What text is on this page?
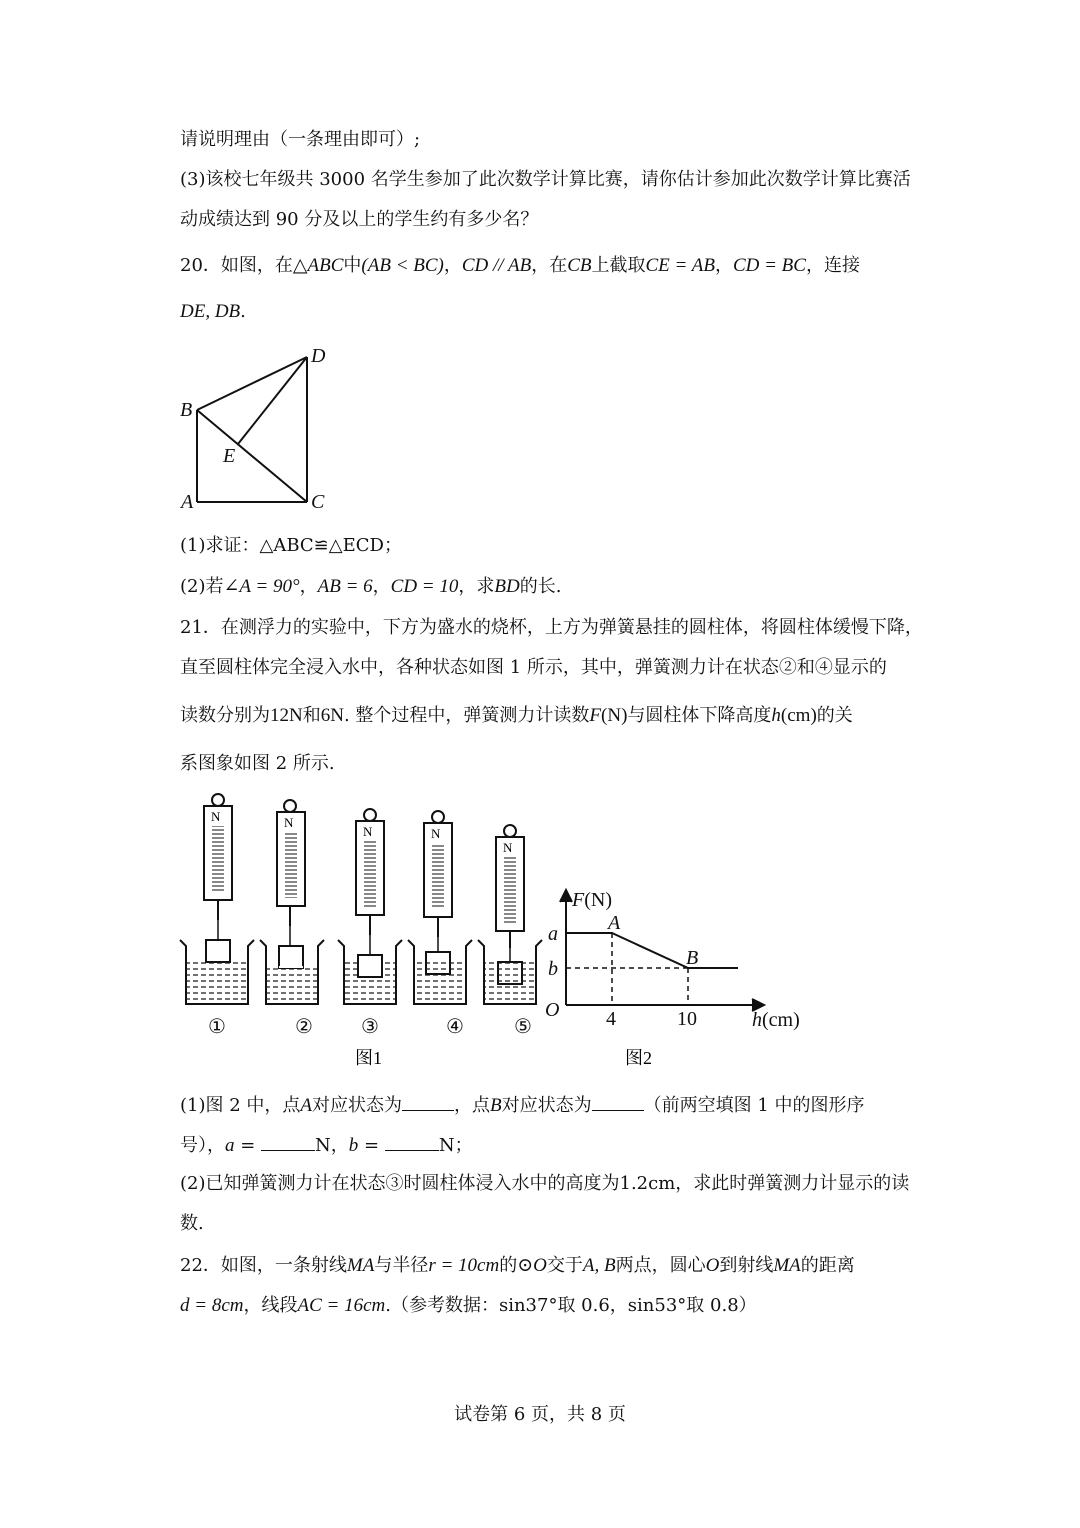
请说明理由（一条理由即可）;
(3)该校七年级共 3000 名学生参加了此次数学计算比赛，请你估计参加此次数学计算比赛活
动成绩达到 90 分及以上的学生约有多少名？
20．如图，在△ABC中(AB < BC)，CD // AB，在CB上截取CE = AB，CD = BC，连接
DE, DB.
D
B
E
A	C
(1)求证：△ABC≌△ECD；
(2)若∠A = 90°，AB = 6，CD = 10，求BD的长.
21．在测浮力的实验中，下方为盛水的烧杯，上方为弹簧悬挂的圆柱体，将圆柱体缓慢下降，
直至圆柱体完全浸入水中，各种状态如图 1 所示，其中，弹簧测力计在状态②和④显示的
读数分别为12N和6N. 整个过程中，弹簧测力计读数F(N)与圆柱体下降高度h(cm)的关
系图象如图 2 所示.
N	N
N	N
N
①	② ③	④	⑤
图1
F(N)
a
b
A
B
O 4	10	h(cm)
图2
(1)图 2 中，点A对应状态为	，点B对应状态为	（前两空填图 1 中的图形序
号），a =	N，b =	N；
(2)已知弹簧测力计在状态③时圆柱体浸入水中的高度为1.2cm，求此时弹簧测力计显示的读
数.
22．如图，一条射线MA与半径r = 10cm的⊙O交于A, B两点，圆心O到射线MA的距离
d = 8cm，线段AC = 16cm.（参考数据：sin37°取 0.6，sin53°取 0.8）
试卷第 6 页，共 8 页
